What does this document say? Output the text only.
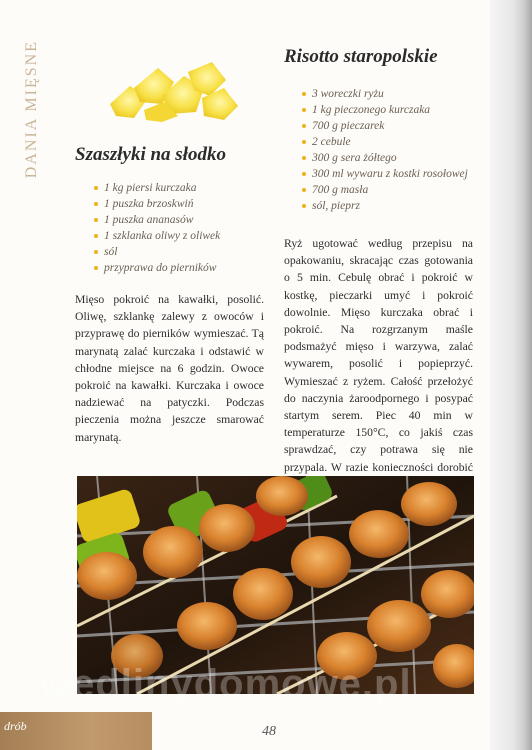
DANIA MIĘSNE Szaszłyki na słodko
1 kg piersi kurczaka
1 puszka brzoskwiń
1 puszka ananasów
1 szklanka oliwy z oliwek
sól
przyprawa do pierników

Mięso pokroić na kawałki, posolić. Oliwę, szklankę zalewy z owoców i przyprawę do pierników wymieszać. Tą marynatą zalać kurczaka i odstawić w chłodne miejsce na 6 godzin. Owoce pokroić na kawałki. Kurczaka i owoce nadziewać na patyczki. Podczas pieczenia można jeszcze smarować marynatą.

Risotto staropolskie
3 woreczki ryżu
1 kg pieczonego kurczaka
700 g pieczarek
2 cebule
300 g sera żółtego
300 ml wywaru z kostki rosołowej
700 g masła
sól, pieprz

Ryż ugotować według przepisu na opakowaniu, skracając czas gotowania o 5 min. Cebulę obrać i pokroić w kostkę, pieczarki umyć i pokroić dowolnie. Mięso kurczaka obrać i pokroić. Na rozgrzanym maśle podsmażyć mięso i warzywa, zalać wywarem, posolić i popieprzyć. Wymieszać z ryżem. Całość przełożyć do naczynia żaroodpornego i posypać startym serem. Piec 40 min w temperaturze 150°C, co jakiś czas sprawdzać, czy potrawa się nie przypala. W razie konieczności dorobić

wedlinydomowe.pl
drób	48
